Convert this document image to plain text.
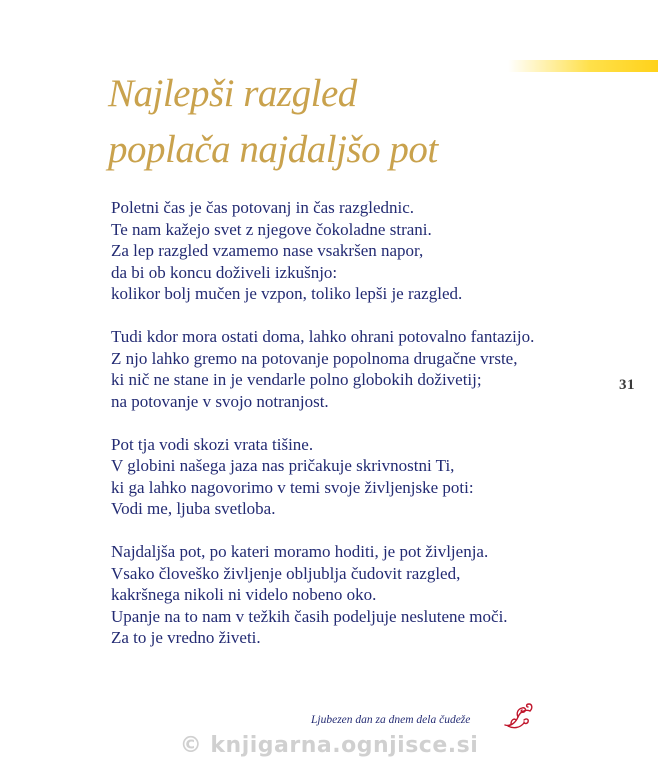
Najlepši razgled
poplača najdaljšo pot
Poletni čas je čas potovanj in čas razglednic.
Te nam kažejo svet z njegove čokoladne strani.
Za lep razgled vzamemo nase vsakršen napor,
da bi ob koncu doživeli izkušnjo:
kolikor bolj mučen je vzpon, toliko lepši je razgled.
Tudi kdor mora ostati doma, lahko ohrani potovalno fantazijo.
Z njo lahko gremo na potovanje popolnoma drugačne vrste,
ki nič ne stane in je vendarle polno globokih doživetij;
na potovanje v svojo notranjost.
Pot tja vodi skozi vrata tišine.
V globini našega jaza nas pričakuje skrivnostni Ti,
ki ga lahko nagovorimo v temi svoje življenjske poti:
Vodi me, ljuba svetloba.
Najdaljša pot, po kateri moramo hoditi, je pot življenja.
Vsako človeško življenje obljublja čudovit razgled,
kakršnega nikoli ni videlo nobeno oko.
Upanje na to nam v težkih časih podeljuje neslutene moči.
Za to je vredno živeti.
31
Ljubezen dan za dnem dela čudeže
© knjigarna.ognjisce.si
